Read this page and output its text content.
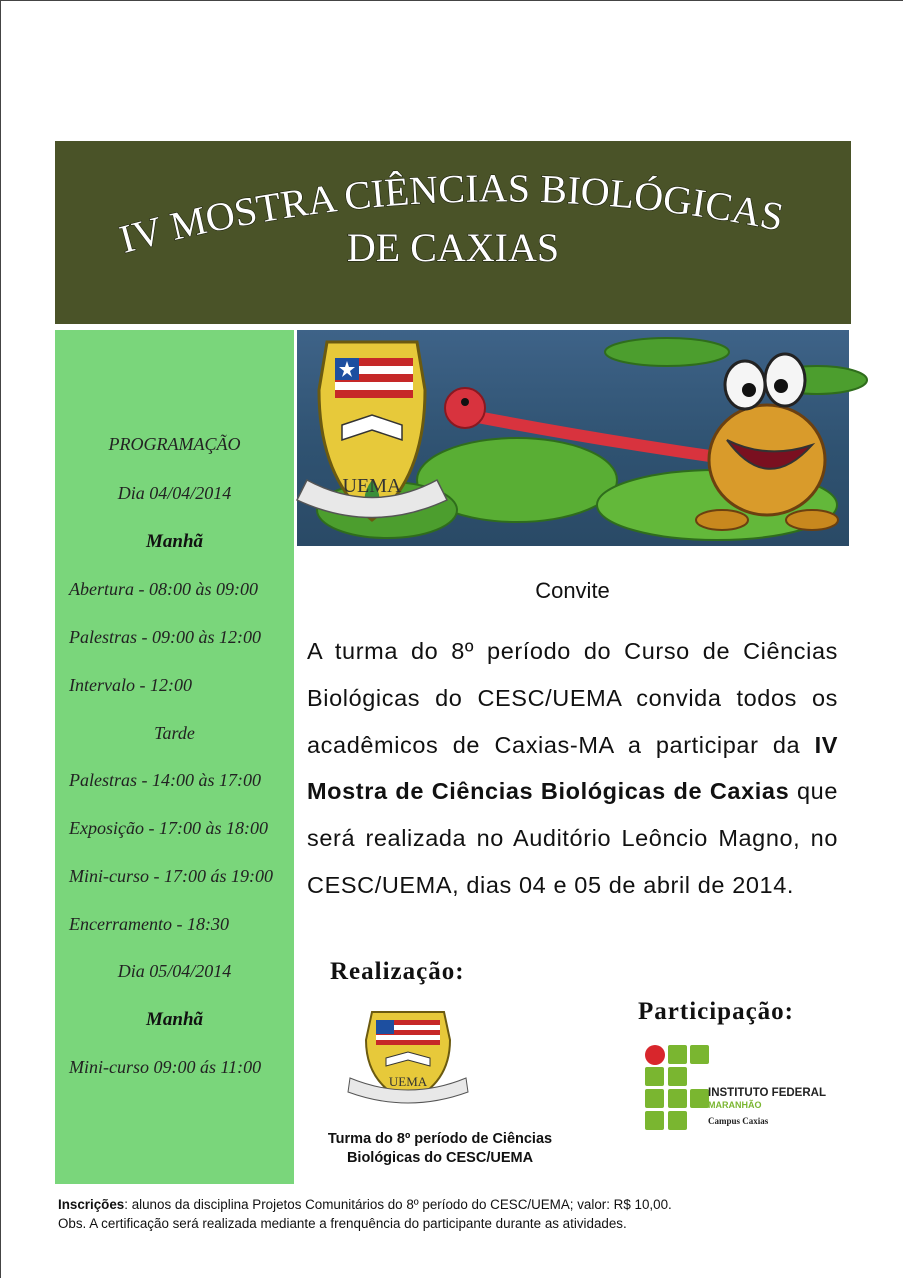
IV MOSTRA CIÊNCIAS BIOLÓGICAS
DE CAXIAS
PROGRAMAÇÃO
Dia 04/04/2014
Manhã
Abertura - 08:00 às 09:00
Palestras - 09:00 às 12:00
Intervalo - 12:00
Tarde
Palestras - 14:00 às 17:00
Exposição - 17:00 às 18:00
Mini-curso - 17:00 ás 19:00
Encerramento - 18:30
Dia 05/04/2014
Manhã
Mini-curso 09:00 ás 11:00
UEMA
Convite
A turma do 8º período do Curso de Ciências Biológicas do CESC/UEMA convida todos os acadêmicos de Caxias-MA a participar da IV Mostra de Ciências Biológicas de Caxias que será realizada no Auditório Leôncio Magno, no CESC/UEMA, dias 04 e 05 de abril de 2014.
Realização:
UEMA
Turma do 8º período de Ciências
Biológicas do CESC/UEMA
Participação:
INSTITUTO FEDERAL
MARANHÃO
Campus Caxias
Inscrições: alunos da disciplina Projetos Comunitários do 8º período do CESC/UEMA; valor: R$ 10,00.
Obs. A certificação será realizada mediante a frenquência do participante durante as atividades.
